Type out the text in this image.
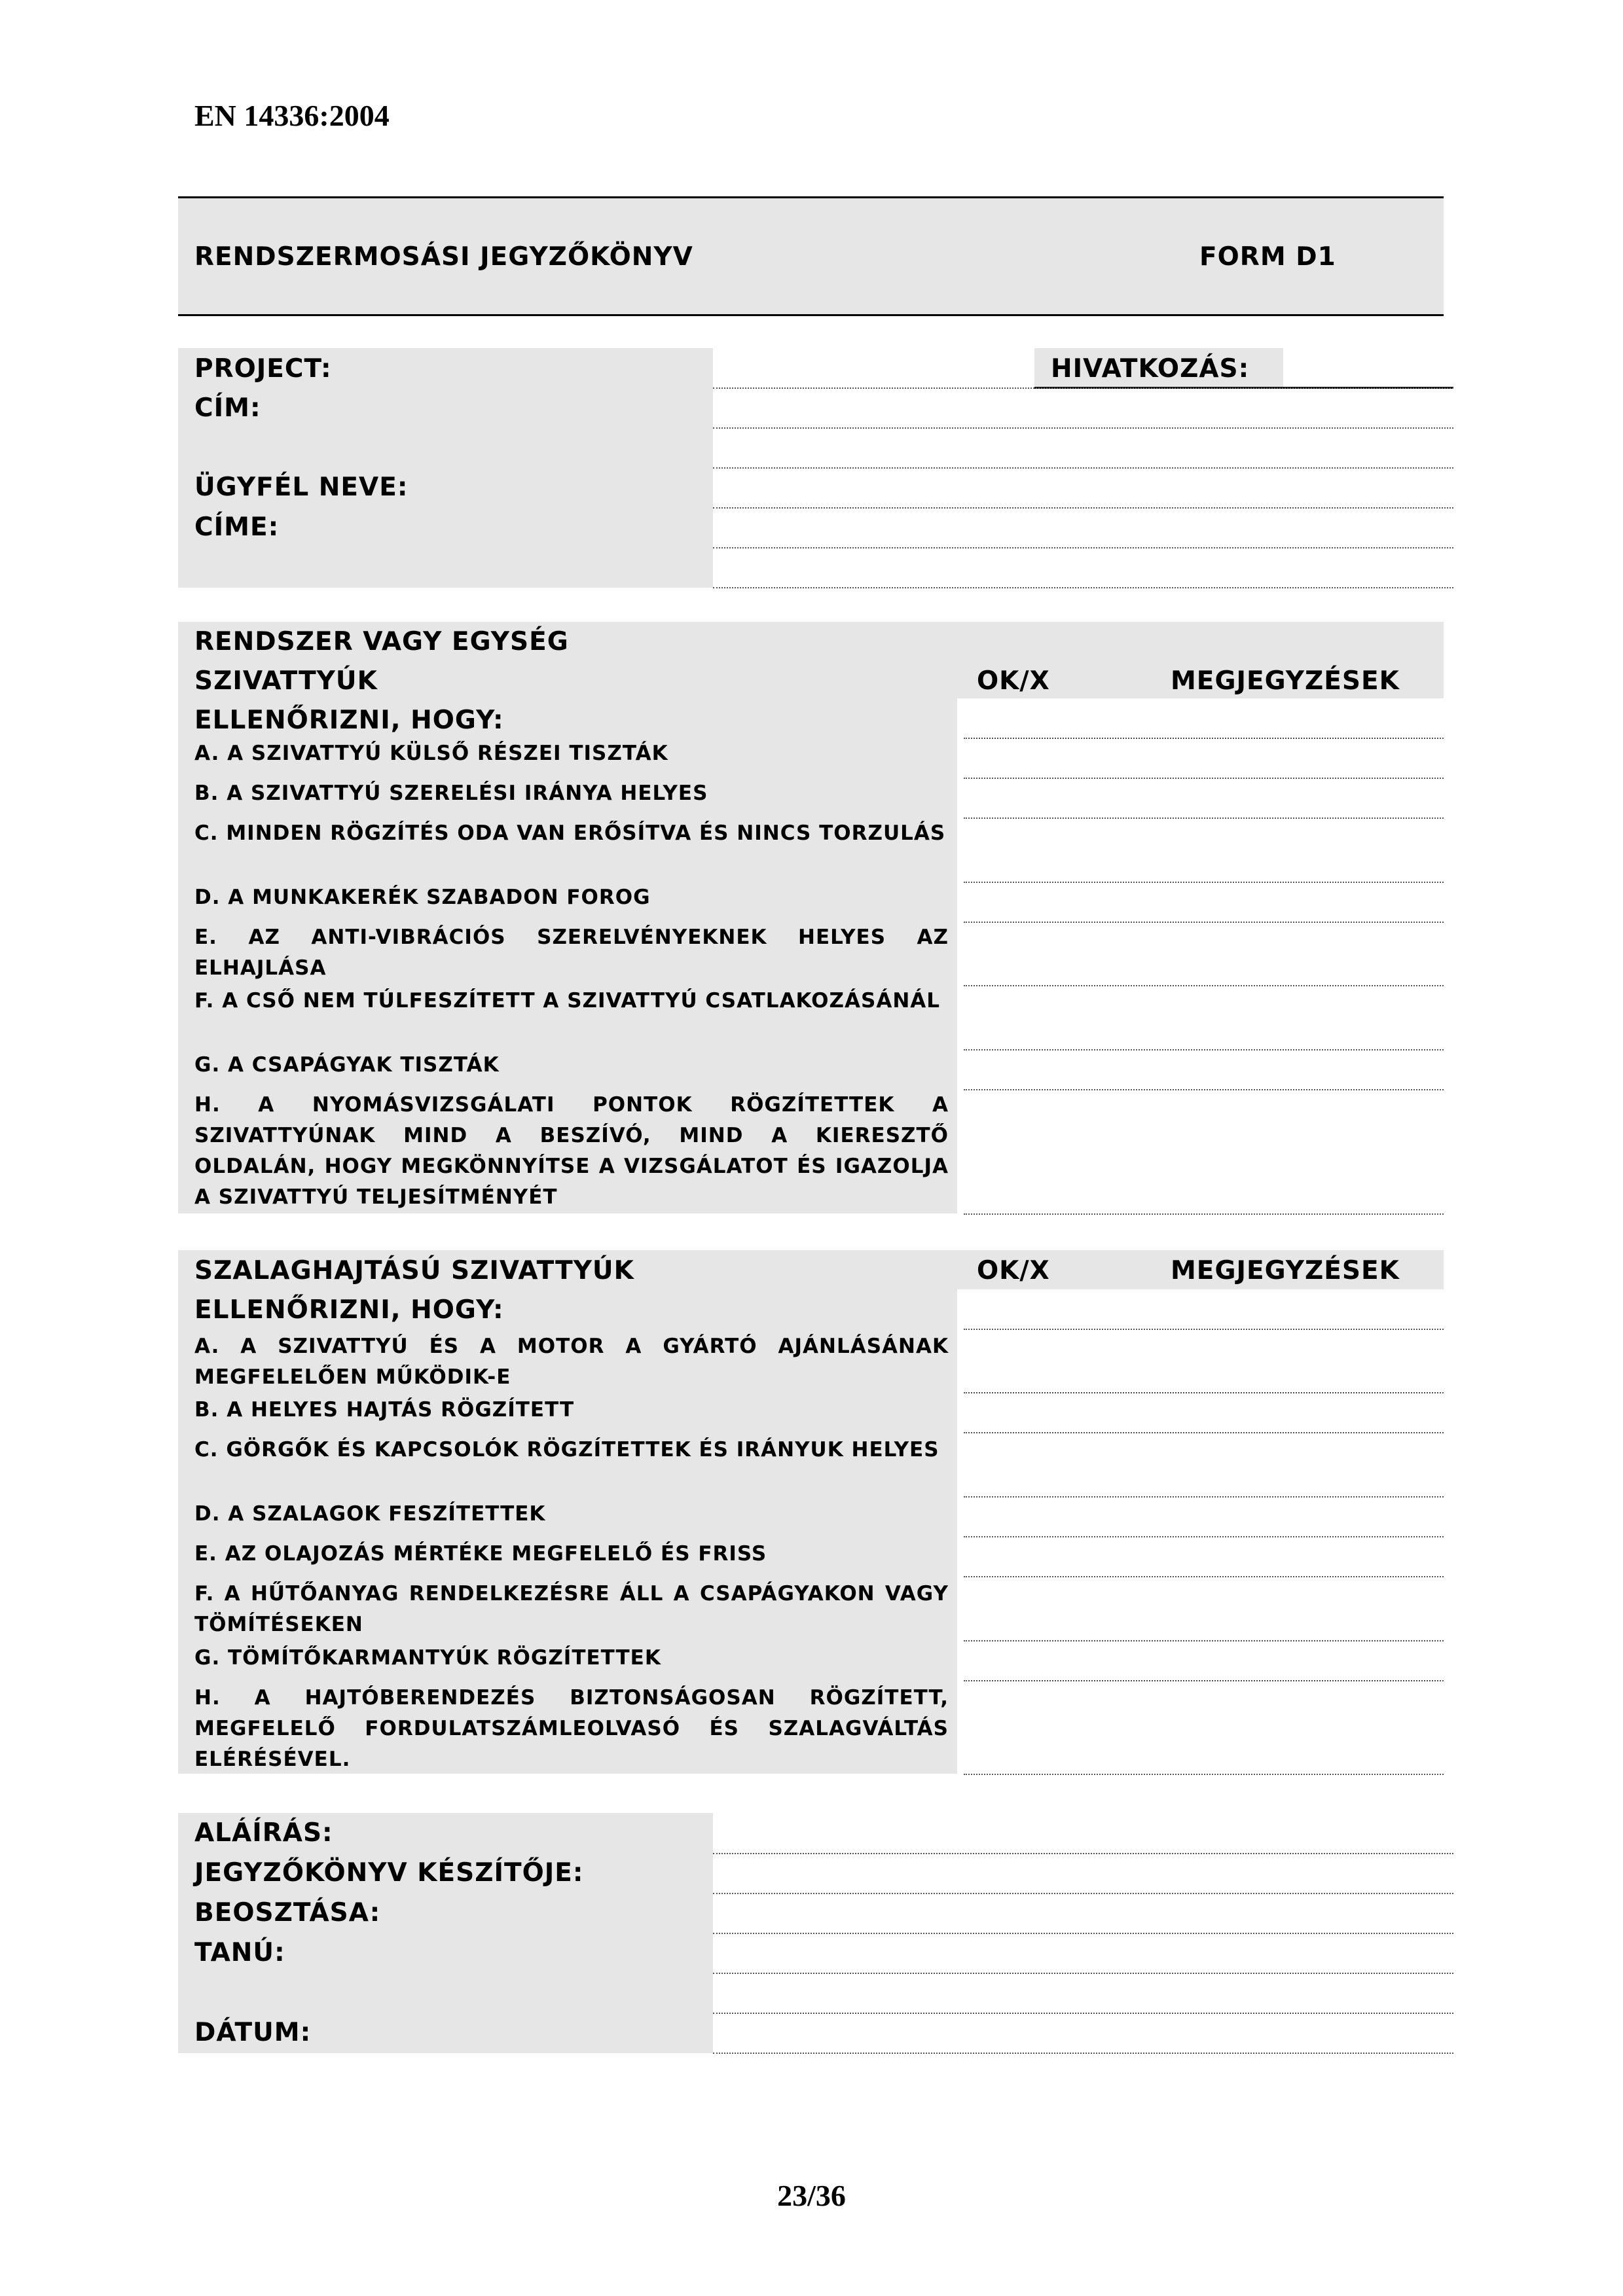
EN 14336:2004
RENDSZERMOSÁSI JEGYZŐKÖNYV	FORM D1
PROJECT:
CÍM:
ÜGYFÉL NEVE:
CÍME:
HIVATKOZÁS:
RENDSZER VAGY EGYSÉG
SZIVATTYÚK	OK/X	MEGJEGYZÉSEK
ELLENŐRIZNI, HOGY:
A. A SZIVATTYÚ KÜLSŐ RÉSZEI TISZTÁK
B. A SZIVATTYÚ SZERELÉSI IRÁNYA HELYES
C. MINDEN RÖGZÍTÉS ODA VAN ERŐSÍTVA ÉS NINCS TORZULÁS
D. A MUNKAKERÉK SZABADON FOROG
E. AZ ANTI-VIBRÁCIÓS SZERELVÉNYEKNEK HELYES AZ ELHAJLÁSA
F. A CSŐ NEM TÚLFESZÍTETT A SZIVATTYÚ CSATLAKOZÁSÁNÁL
G. A CSAPÁGYAK TISZTÁK
H. A NYOMÁSVIZSGÁLATI PONTOK RÖGZÍTETTEK A SZIVATTYÚNAK MIND A BESZÍVÓ, MIND A KIERESZTŐ OLDALÁN, HOGY MEGKÖNNYÍTSE A VIZSGÁLATOT ÉS IGAZOLJA A SZIVATTYÚ TELJESÍTMÉNYÉT
SZALAGHAJTÁSÚ SZIVATTYÚK	OK/X	MEGJEGYZÉSEK
ELLENŐRIZNI, HOGY:
A. A SZIVATTYÚ ÉS A MOTOR A GYÁRTÓ AJÁNLÁSÁNAK MEGFELELŐEN MŰKÖDIK-E
B. A HELYES HAJTÁS RÖGZÍTETT
C. GÖRGŐK ÉS KAPCSOLÓK RÖGZÍTETTEK ÉS IRÁNYUK HELYES
D. A SZALAGOK FESZÍTETTEK
E. AZ OLAJOZÁS MÉRTÉKE MEGFELELŐ ÉS FRISS
F. A HŰTŐANYAG RENDELKEZÉSRE ÁLL A CSAPÁGYAKON VAGY TÖMÍTÉSEKEN
G. TÖMÍTŐKARMANTYÚK RÖGZÍTETTEK
H. A HAJTÓBERENDEZÉS BIZTONSÁGOSAN RÖGZÍTETT, MEGFELELŐ FORDULATSZÁMLEOLVASÓ ÉS SZALAGVÁLTÁS ELÉRÉSÉVEL.
ALÁÍRÁS:
JEGYZŐKÖNYV KÉSZÍTŐJE:
BEOSZTÁSA:
TANÚ:
DÁTUM:
23/36
